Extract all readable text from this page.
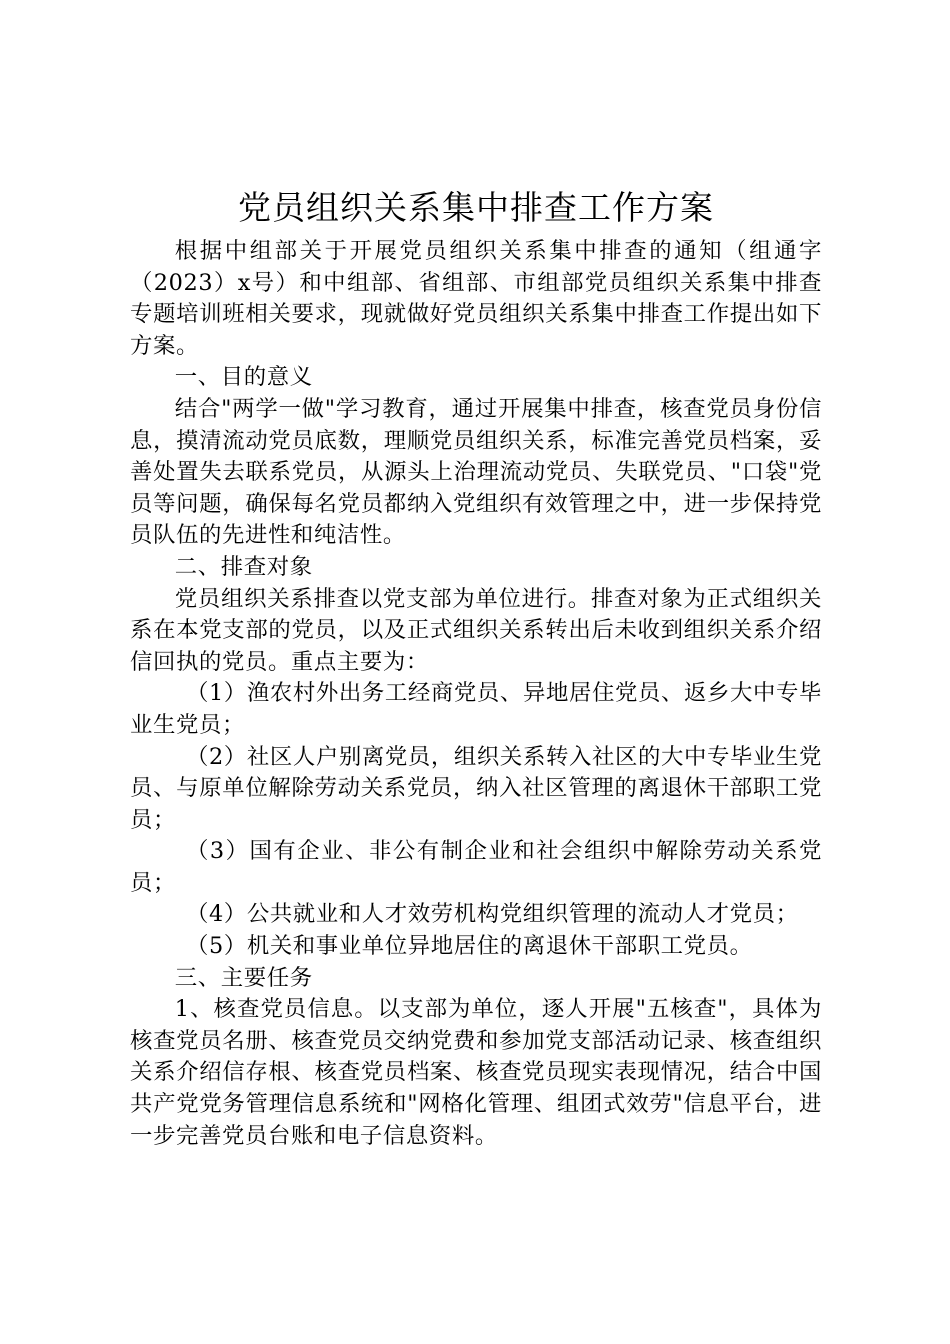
党员组织关系集中排查工作方案

根据中组部关于开展党员组织关系集中排查的通知（组通字（2023）x号）和中组部、省组部、市组部党员组织关系集中排查专题培训班相关要求，现就做好党员组织关系集中排查工作提出如下方案。

一、目的意义

结合"两学一做"学习教育，通过开展集中排查，核查党员身份信息，摸清流动党员底数，理顺党员组织关系，标准完善党员档案，妥善处置失去联系党员，从源头上治理流动党员、失联党员、"口袋"党员等问题，确保每名党员都纳入党组织有效管理之中，进一步保持党员队伍的先进性和纯洁性。

二、排查对象

党员组织关系排查以党支部为单位进行。排查对象为正式组织关系在本党支部的党员，以及正式组织关系转出后未收到组织关系介绍信回执的党员。重点主要为：

（1）渔农村外出务工经商党员、异地居住党员、返乡大中专毕业生党员；

（2）社区人户别离党员，组织关系转入社区的大中专毕业生党员、与原单位解除劳动关系党员，纳入社区管理的离退休干部职工党员；

（3）国有企业、非公有制企业和社会组织中解除劳动关系党员；

（4）公共就业和人才效劳机构党组织管理的流动人才党员；

（5）机关和事业单位异地居住的离退休干部职工党员。

三、主要任务

1、核查党员信息。以支部为单位，逐人开展"五核查"，具体为核查党员名册、核查党员交纳党费和参加党支部活动记录、核查组织关系介绍信存根、核查党员档案、核查党员现实表现情况，结合中国共产党党务管理信息系统和"网格化管理、组团式效劳"信息平台，进一步完善党员台账和电子信息资料。
